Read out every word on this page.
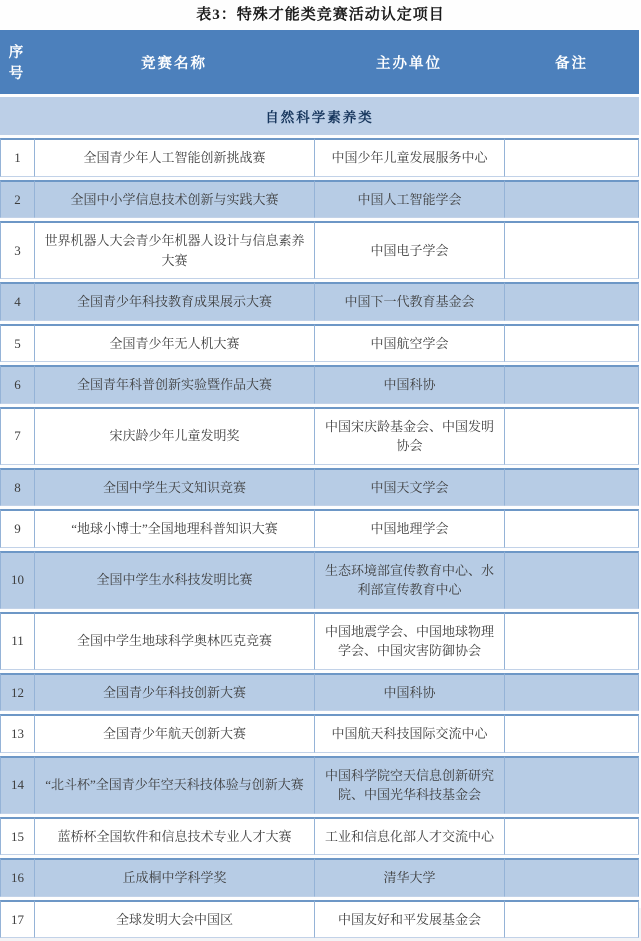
表3：特殊才能类竞赛活动认定项目
序号	竞赛名称	主办单位	备注
自然科学素养类			
1	全国青少年人工智能创新挑战赛	中国少年儿童发展服务中心	
2	全国中小学信息技术创新与实践大赛	中国人工智能学会	
3	世界机器人大会青少年机器人设计与信息素养大赛	中国电子学会	
4	全国青少年科技教育成果展示大赛	中国下一代教育基金会	
5	全国青少年无人机大赛	中国航空学会	
6	全国青年科普创新实验暨作品大赛	中国科协	
7	宋庆龄少年儿童发明奖	中国宋庆龄基金会、中国发明协会	
8	全国中学生天文知识竞赛	中国天文学会	
9	“地球小博士”全国地理科普知识大赛	中国地理学会	
10	全国中学生水科技发明比赛	生态环境部宣传教育中心、水利部宣传教育中心	
11	全国中学生地球科学奥林匹克竞赛	中国地震学会、中国地球物理学会、中国灾害防御协会	
12	全国青少年科技创新大赛	中国科协	
13	全国青少年航天创新大赛	中国航天科技国际交流中心	
14	“北斗杯”全国青少年空天科技体验与创新大赛	中国科学院空天信息创新研究院、中国光华科技基金会	
15	蓝桥杯全国软件和信息技术专业人才大赛	工业和信息化部人才交流中心	
16	丘成桐中学科学奖	清华大学	
17	全球发明大会中国区	中国友好和平发展基金会	
